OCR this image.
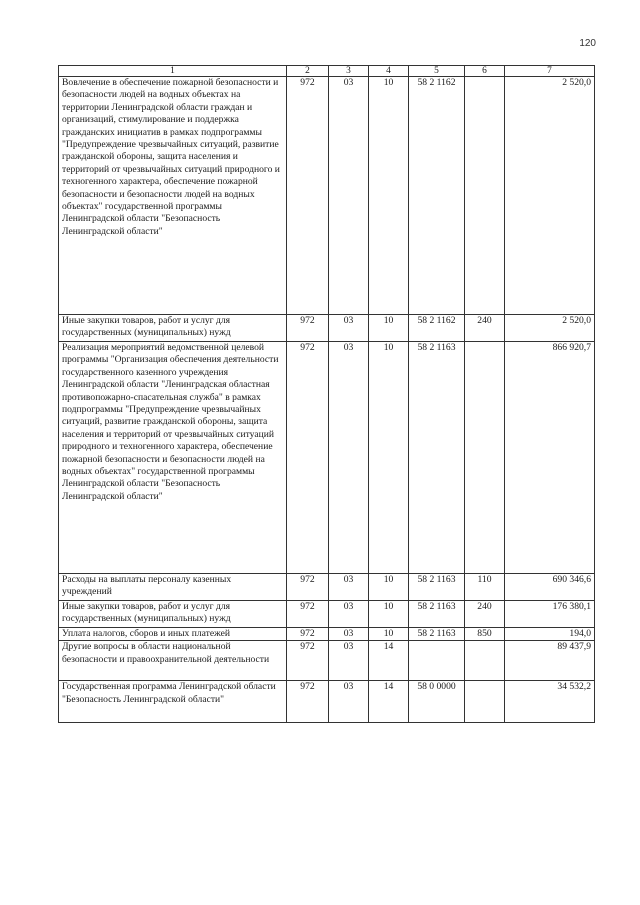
120
1	2	3	4	5	6	7
Вовлечение в обеспечение пожарной безопасности и безопасности людей на водных объектах на территории Ленинградской области граждан и организаций, стимулирование и поддержка гражданских инициатив в рамках подпрограммы "Предупреждение чрезвычайных ситуаций, развитие гражданской обороны, защита населения и территорий от чрезвычайных ситуаций природного и техногенного характера, обеспечение пожарной безопасности и безопасности людей на водных объектах" государственной программы Ленинградской области "Безопасность Ленинградской области"	972	03	10	58 2 1162		2 520,0
Иные закупки товаров, работ и услуг для государственных (муниципальных) нужд	972	03	10	58 2 1162	240	2 520,0
Реализация мероприятий ведомственной целевой программы "Организация обеспечения деятельности государственного казенного учреждения Ленинградской области "Ленинградская областная противопожарно-спасательная служба" в рамках подпрограммы "Предупреждение чрезвычайных ситуаций, развитие гражданской обороны, защита населения и территорий от чрезвычайных ситуаций природного и техногенного характера, обеспечение пожарной безопасности и безопасности людей на водных объектах" государственной программы Ленинградской области "Безопасность Ленинградской области"	972	03	10	58 2 1163		866 920,7
Расходы на выплаты персоналу казенных учреждений	972	03	10	58 2 1163	110	690 346,6
Иные закупки товаров, работ и услуг для государственных (муниципальных) нужд	972	03	10	58 2 1163	240	176 380,1
Уплата налогов, сборов и иных платежей	972	03	10	58 2 1163	850	194,0
Другие вопросы в области национальной безопасности и правоохранительной деятельности	972	03	14			89 437,9
Государственная программа Ленинградской области "Безопасность Ленинградской области"	972	03	14	58 0 0000		34 532,2
